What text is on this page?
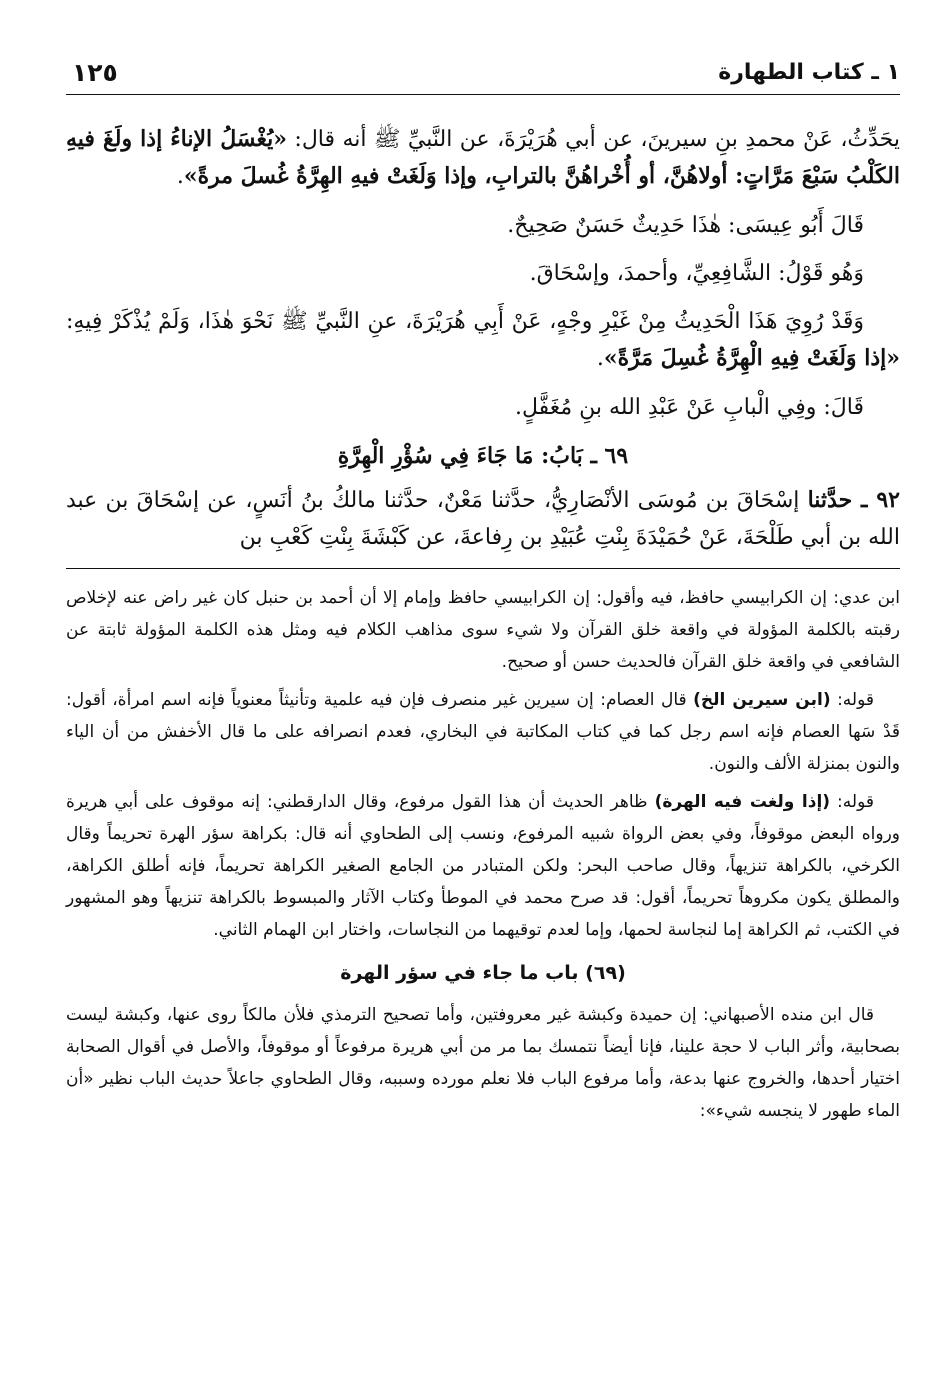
١ ـ كتاب الطهارة
١٢٥

يحَدِّثُ، عَنْ محمدِ بنِ سيرينَ، عن أبي هُرَيْرَةَ، عن النَّبيِّ ﷺ أنه قال: «يُغْسَلُ الإناءُ إذا ولَغَ فيهِ الكَلْبُ سَبْعَ مَرَّاتٍ: أولاهُنَّ، أو أُخْراهُنَّ بالترابِ، وإذا وَلَغَتْ فيهِ الهِرَّةُ غُسلَ مرةً».

قَالَ أَبُو عِيسَى: هٰذَا حَدِيثٌ حَسَنٌ صَحِيحٌ.

وَهُو قَوْلُ: الشَّافِعِيِّ، وأحمدَ، وإسْحَاقَ.

وَقَدْ رُوِيَ هَذَا الْحَدِيثُ مِنْ غَيْرِ وجْهٍ، عَنْ أَبِي هُرَيْرَةَ، عنِ النَّبيِّ ﷺ نَحْوَ هٰذَا، وَلَمْ يُذْكَرْ فِيهِ: «إذا وَلَغَتْ فِيهِ الْهِرَّةُ غُسِلَ مَرَّةً».

قَالَ: وفِي الْبابِ عَنْ عَبْدِ الله بنِ مُغَفَّلٍ.

٦٩ ـ بَابُ: مَا جَاءَ فِي سُؤْرِ الْهِرَّةِ

٩٢ ـ حدَّثنا إسْحَاقَ بن مُوسَى الأنْصَارِيُّ، حدَّثنا مَعْنٌ، حدَّثنا مالكُ بنُ أنَسٍ، عن إسْحَاقَ بن عبد الله بن أبي طَلْحَةَ، عَنْ حُمَيْدَةَ بِنْتِ عُبَيْدِ بن رِفاعةَ، عن كَبْشَةَ بِنْتِ كَعْبِ بن

ابن عدي: إن الكرابيسي حافظ، فيه وأقول: إن الكرابيسي حافظ وإمام إلا أن أحمد بن حنبل كان غير راض عنه لإخلاص رقبته بالكلمة المؤولة في واقعة خلق القرآن ولا شيء سوى مذاهب الكلام فيه ومثل هذه الكلمة المؤولة ثابتة عن الشافعي في واقعة خلق القرآن فالحديث حسن أو صحيح.

قوله: (ابن سيرين الخ) قال العصام: إن سيرين غير منصرف فإن فيه علمية وتأنيثاً معنوياً فإنه اسم امرأة، أقول: قَدْ سَها العصام فإنه اسم رجل كما في كتاب المكاتبة في البخاري، فعدم انصرافه على ما قال الأخفش من أن الياء والنون بمنزلة الألف والنون.

قوله: (إذا ولغت فيه الهرة) ظاهر الحديث أن هذا القول مرفوع، وقال الدارقطني: إنه موقوف على أبي هريرة ورواه البعض موقوفاً، وفي بعض الرواة شبيه المرفوع، ونسب إلى الطحاوي أنه قال: بكراهة سؤر الهرة تحريماً وقال الكرخي، بالكراهة تنزيهاً، وقال صاحب البحر: ولكن المتبادر من الجامع الصغير الكراهة تحريماً، فإنه أطلق الكراهة، والمطلق يكون مكروهاً تحريماً، أقول: قد صرح محمد في الموطأ وكتاب الآثار والمبسوط بالكراهة تنزيهاً وهو المشهور في الكتب، ثم الكراهة إما لنجاسة لحمها، وإما لعدم توقيهما من النجاسات، واختار ابن الهمام الثاني.

(٦٩) باب ما جاء في سؤر الهرة

قال ابن منده الأصبهاني: إن حميدة وكبشة غير معروفتين، وأما تصحيح الترمذي فلأن مالكاً روى عنها، وكبشة ليست بصحابية، وأثر الباب لا حجة علينا، فإنا أيضاً نتمسك بما مر من أبي هريرة مرفوعاً أو موقوفاً، والأصل في أقوال الصحابة اختيار أحدها، والخروج عنها بدعة، وأما مرفوع الباب فلا نعلم مورده وسببه، وقال الطحاوي جاعلاً حديث الباب نظير «أن الماء طهور لا ينجسه شيء»:
